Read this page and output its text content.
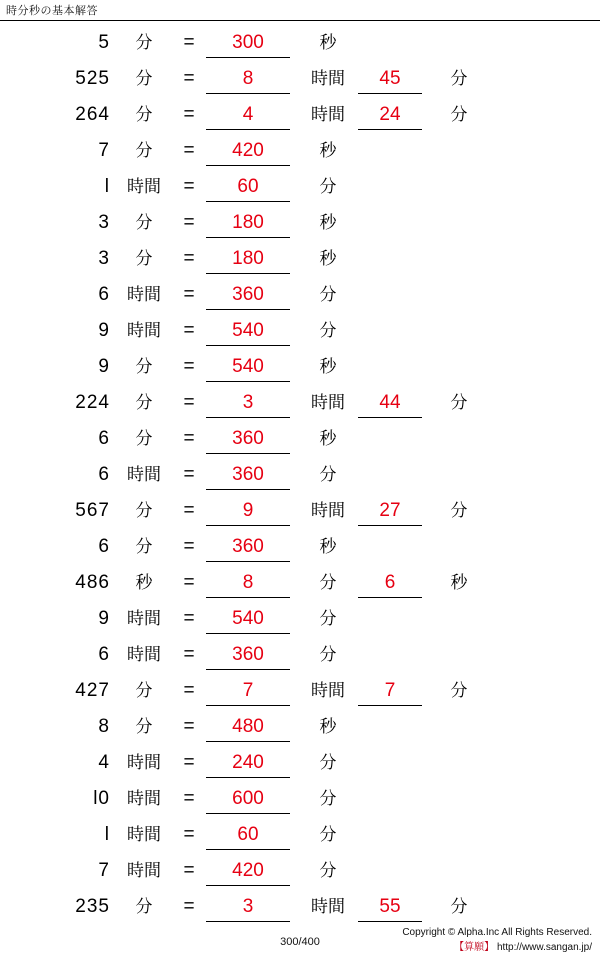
時分秒の基本解答
5	分	=	300	秒
525	分	=	8	時間	45	分
264	分	=	4	時間	24	分
7	分	=	420	秒
l	時間	=	60	分
3	分	=	180	秒
3	分	=	180	秒
6	時間	=	360	分
9	時間	=	540	分
9	分	=	540	秒
224	分	=	3	時間	44	分
6	分	=	360	秒
6	時間	=	360	分
567	分	=	9	時間	27	分
6	分	=	360	秒
486	秒	=	8	分	6	秒
9	時間	=	540	分
6	時間	=	360	分
427	分	=	7	時間	7	分
8	分	=	480	秒
4	時間	=	240	分
l0	時間	=	600	分
l	時間	=	60	分
7	時間	=	420	分
235	分	=	3	時間	55	分
300/400
Copyright © Alpha.Inc All Rights Reserved.
【算願】 http://www.sangan.jp/
